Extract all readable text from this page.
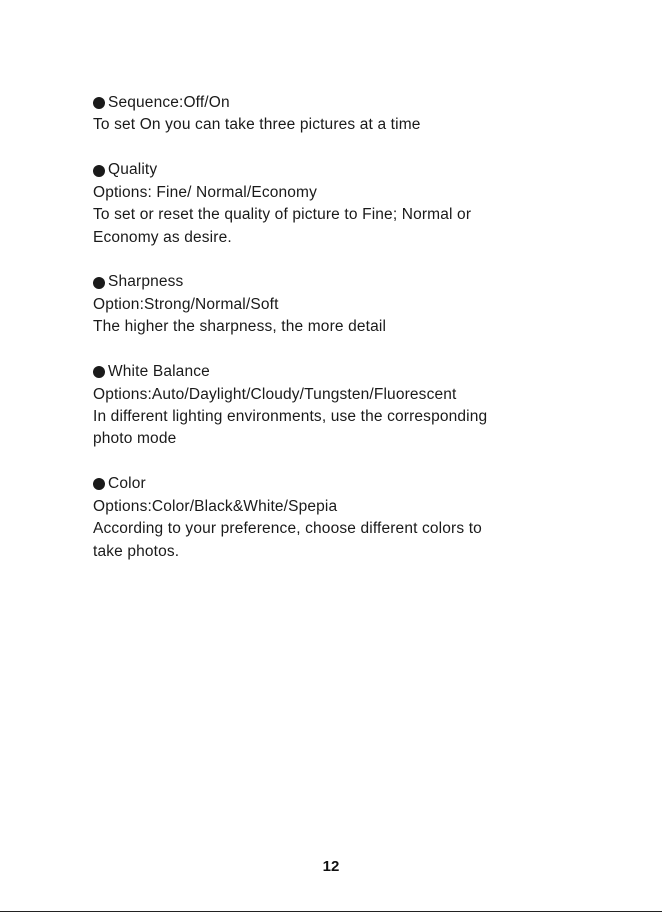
Sequence:Off/On
To set On you can take three pictures at a time
Quality
Options: Fine/ Normal/Economy
To set or reset the quality of picture to Fine; Normal or
Economy as desire.
Sharpness
Option:Strong/Normal/Soft
The higher the sharpness, the more detail
White Balance
Options:Auto/Daylight/Cloudy/Tungsten/Fluorescent
In different lighting environments, use the corresponding
photo mode
Color
Options:Color/Black&White/Spepia
According to your preference, choose different colors to
take photos.
12
